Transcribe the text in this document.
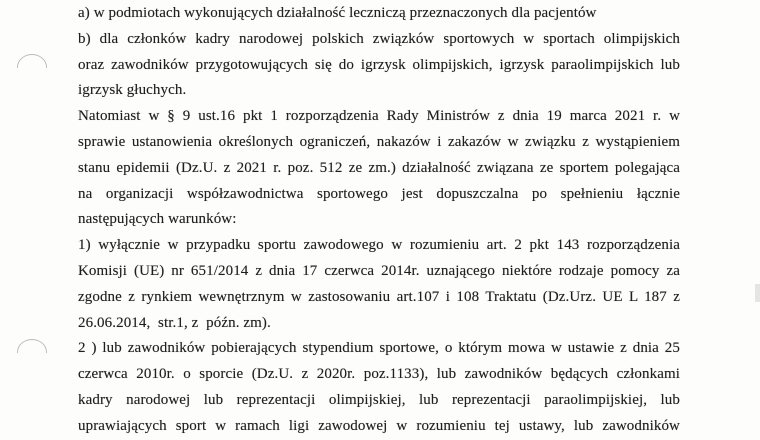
a) w podmiotach wykonujących działalność leczniczą przeznaczonych dla pacjentów
b) dla członków kadry narodowej polskich związków sportowych w sportach olimpijskich
oraz zawodników przygotowujących się do igrzysk olimpijskich, igrzysk paraolimpijskich lub
igrzysk głuchych.
Natomiast w § 9 ust.16 pkt 1 rozporządzenia Rady Ministrów z dnia 19 marca 2021 r. w
sprawie ustanowienia określonych ograniczeń, nakazów i zakazów w związku z wystąpieniem
stanu epidemii (Dz.U. z 2021 r. poz. 512 ze zm.) działalność związana ze sportem polegająca
na organizacji współzawodnictwa sportowego jest dopuszczalna po spełnieniu łącznie
następujących warunków:
1) wyłącznie w przypadku sportu zawodowego w rozumieniu art. 2 pkt 143 rozporządzenia
Komisji (UE) nr 651/2014 z dnia 17 czerwca 2014r. uznającego niektóre rodzaje pomocy za
zgodne z rynkiem wewnętrznym w zastosowaniu art.107 i 108 Traktatu (Dz.Urz. UE L 187 z
26.06.2014,  str.1, z  późn. zm).
2 ) lub zawodników pobierających stypendium sportowe, o którym mowa w ustawie z dnia 25
czerwca 2010r. o sporcie (Dz.U. z 2020r. poz.1133), lub zawodników będących członkami
kadry narodowej lub reprezentacji olimpijskiej, lub reprezentacji paraolimpijskiej, lub
uprawiających sport w ramach ligi zawodowej w rozumieniu tej ustawy, lub zawodników
